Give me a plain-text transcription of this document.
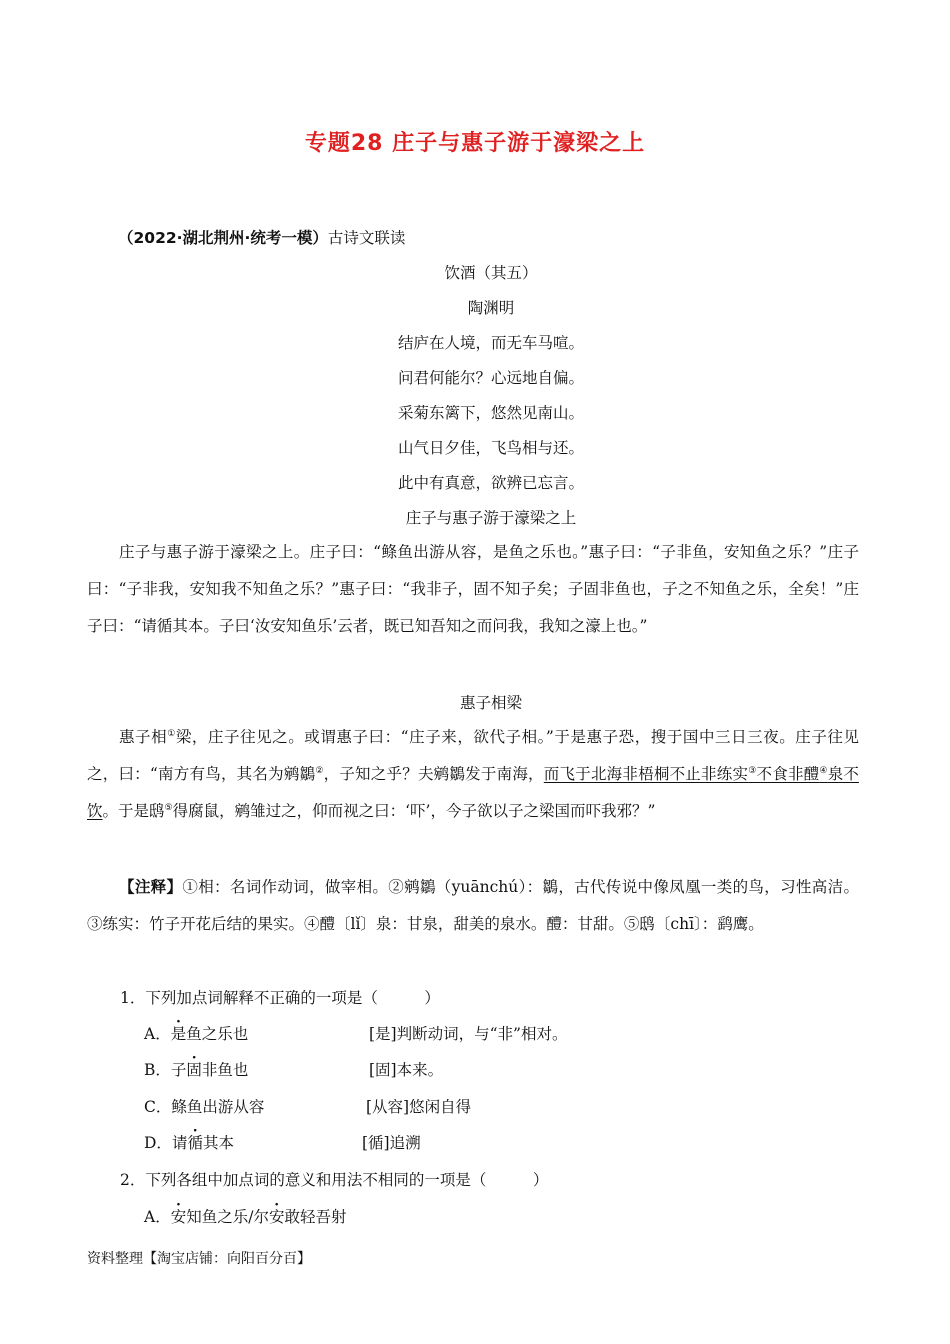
专题28 庄子与惠子游于濠梁之上
（2022·湖北荆州·统考一模）古诗文联读
饮酒（其五）
陶渊明
结庐在人境，而无车马喧。
问君何能尔？心远地自偏。
采菊东篱下，悠然见南山。
山气日夕佳，飞鸟相与还。
此中有真意，欲辨已忘言。
庄子与惠子游于濠梁之上
庄子与惠子游于濠梁之上。庄子曰：“鲦鱼出游从容，是鱼之乐也。”惠子曰：“子非鱼，安知鱼之乐？”庄子曰：“子非我，安知我不知鱼之乐？”惠子曰：“我非子，固不知子矣；子固非鱼也，子之不知鱼之乐，全矣！”庄子曰：“请循其本。子曰‘汝安知鱼乐’云者，既已知吾知之而问我，我知之濠上也。”
惠子相梁
惠子相①梁，庄子往见之。或谓惠子曰：“庄子来，欲代子相。”于是惠子恐，搜于国中三日三夜。庄子往见之，曰：“南方有鸟，其名为鹓鶵②，子知之乎？夫鹓鶵发于南海，而飞于北海非梧桐不止非练实③不食非醴④泉不饮。于是鸱⑤得腐鼠，鹓雏过之，仰而视之曰：‘吓’，今子欲以子之梁国而吓我邪？”
【注释】①相：名词作动词，做宰相。②鹓鶵（yuānchú）：鶵，古代传说中像凤凰一类的鸟，习性高洁。③练实：竹子开花后结的果实。④醴〔lǐ〕泉：甘泉，甜美的泉水。醴：甘甜。⑤鸱〔chī〕：鹞鹰。
1．下列加点词解释不正确的一项是（　　　）
A．是鱼之乐也	[是]判断动词，与“非”相对。
B．子固非鱼也	[固]本来。
C．鲦鱼出游从容	[从容]悠闲自得
D．请循其本	[循]追溯
2．下列各组中加点词的意义和用法不相同的一项是（　　　）
A．安知鱼之乐/尔安敢轻吾射
资料整理【淘宝店铺：向阳百分百】
